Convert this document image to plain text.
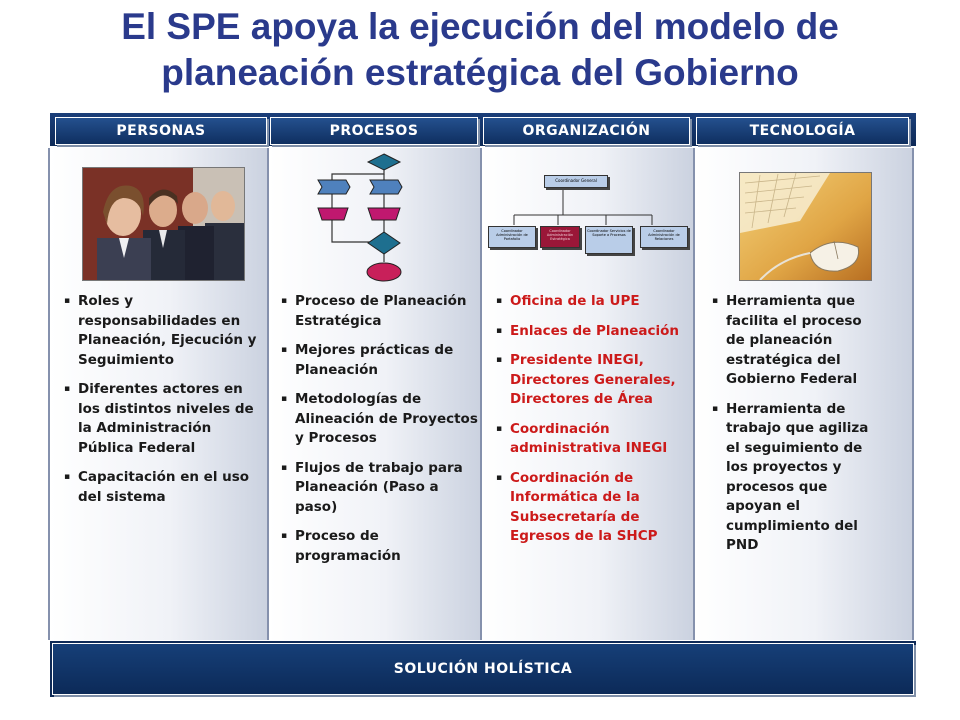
El SPE apoya la ejecución del modelo de
planeación estratégica del Gobierno
PERSONAS	PROCESOS	ORGANIZACIÓN	TECNOLOGÍA
Coordinador General
Coordinador Administración de Portafolio
Coordinador Administración Estratégica
Coordinador Servicios de Soporte a Procesos
Coordinador Administración de Relaciones
▪ Roles y responsabilidades en Planeación, Ejecución y Seguimiento
▪ Diferentes actores en los distintos niveles de la Administración Pública Federal
▪ Capacitación en el uso del sistema
▪ Proceso de Planeación Estratégica
▪ Mejores prácticas de Planeación
▪ Metodologías de Alineación de Proyectos y Procesos
▪ Flujos de trabajo para Planeación (Paso a paso)
▪ Proceso de programación
▪ Oficina de la UPE
▪ Enlaces de Planeación
▪ Presidente INEGI, Directores Generales, Directores de Área
▪ Coordinación administrativa INEGI
▪ Coordinación de Informática de la Subsecretaría de Egresos de la SHCP
▪ Herramienta que facilita el proceso de planeación estratégica del Gobierno Federal
▪ Herramienta de trabajo que agiliza el seguimiento de los proyectos y procesos que apoyan el cumplimiento del PND
SOLUCIÓN HOLÍSTICA
